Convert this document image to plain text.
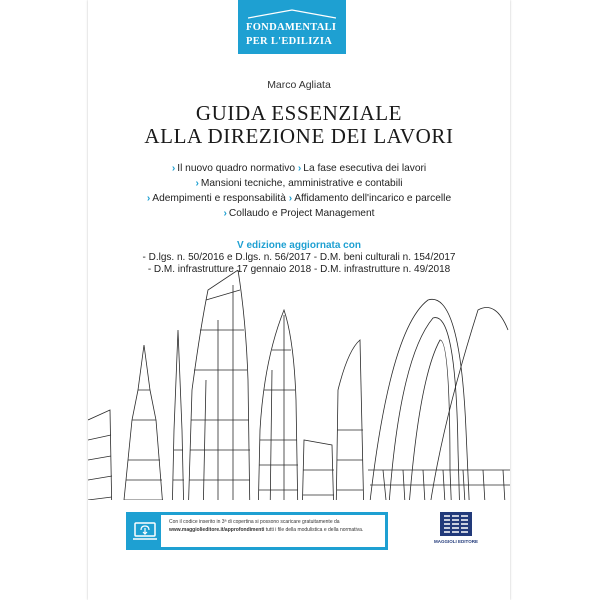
FONDAMENTALI
PER L'EDILIZIA
Marco Agliata
GUIDA ESSENZIALE
ALLA DIREZIONE DEI LAVORI
› Il nuovo quadro normativo › La fase esecutiva dei lavori
› Mansioni tecniche, amministrative e contabili
› Adempimenti e responsabilità › Affidamento dell'incarico e parcelle
› Collaudo e Project Management
V edizione aggiornata con
- D.lgs. n. 50/2016 e D.lgs. n. 56/2017 - D.M. beni culturali n. 154/2017
- D.M. infrastrutture 17 gennaio 2018 - D.M. infrastrutture n. 49/2018
Con il codice inserito in 3ª di copertina si possono scaricare gratuitamente da www.maggiolieditore.it/approfondimenti tutti i file della modulistica e della normativa.
MAGGIOLI EDITORE
